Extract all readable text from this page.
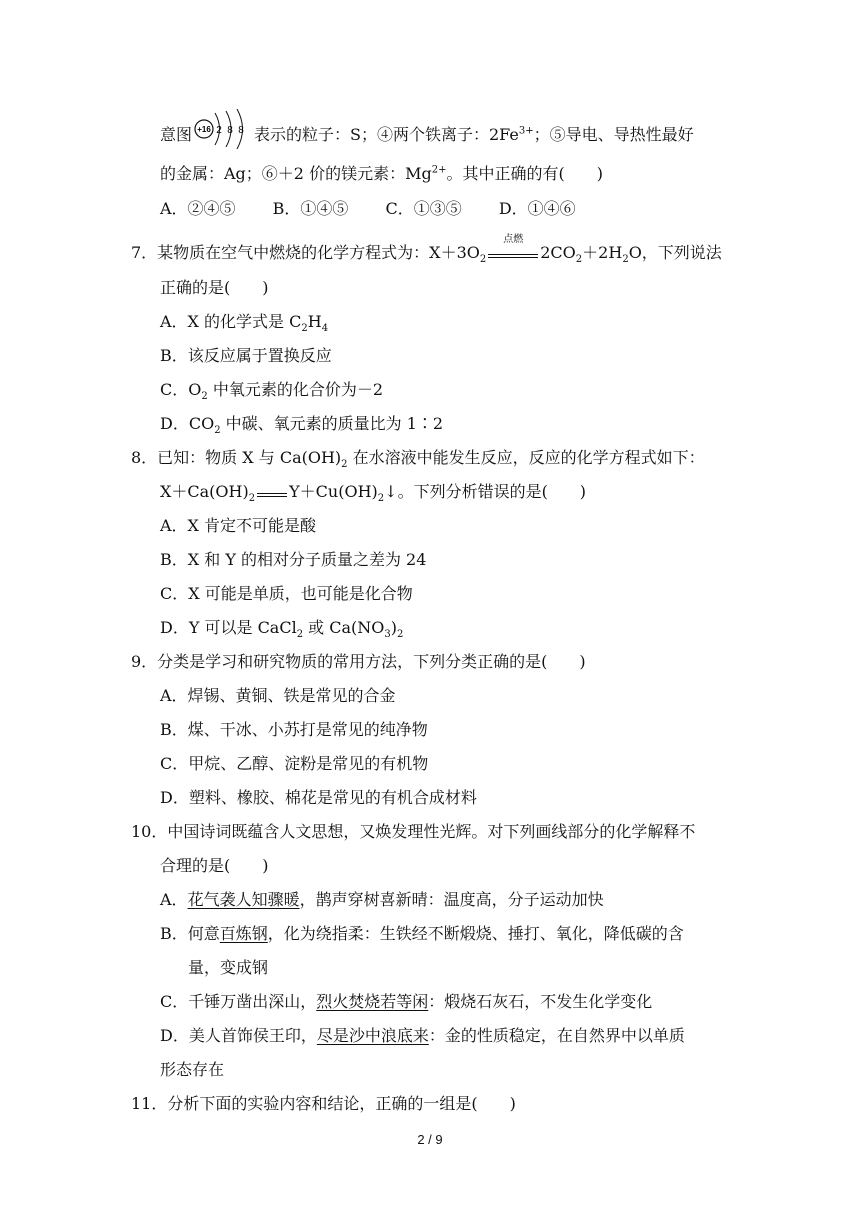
意图 +16 2 8 8 表示的粒子：S；④两个铁离子：$2Fe^{3+}$；⑤导电、导热性最好
的金属：Ag；⑥＋2 价的镁元素：$Mg^{2+}$。其中正确的有(　　)
A．②④⑤　　 B．①④⑤　　 C．①③⑤　　 D．①④⑥
7．某物质在空气中燃烧的化学方程式为：$X+3O_2$
点燃
$2CO_2+2H_2O$，下列说法
正确的是(　　)
A．X 的化学式是 $C_2H_4$
B．该反应属于置换反应
C．$O_2$ 中氧元素的化合价为－2
D．$CO_2$ 中碳、氧元素的质量比为 1∶2
8．已知：物质 X 与 $Ca(OH)_2$ 在水溶液中能发生反应，反应的化学方程式如下：
$X+Ca(OH)_2$ $Y+Cu(OH)_2↓$。下列分析错误的是(　　)
A．X 肯定不可能是酸
B．X 和 Y 的相对分子质量之差为 24
C．X 可能是单质，也可能是化合物
D．Y 可以是 CaCl$_2$ 或 $Ca(NO_3)_2$
9．分类是学习和研究物质的常用方法，下列分类正确的是(　　)
A．焊锡、黄铜、铁是常见的合金
B．煤、干冰、小苏打是常见的纯净物
C．甲烷、乙醇、淀粉是常见的有机物
D．塑料、橡胶、棉花是常见的有机合成材料
10．中国诗词既蕴含人文思想，又焕发理性光辉。对下列画线部分的化学解释不
合理的是(　　)
A．花气袭人知骤暖，鹊声穿树喜新晴：温度高，分子运动加快
B．何意百炼钢，化为绕指柔：生铁经不断煅烧、捶打、氧化，降低碳的含
量，变成钢
C．千锤万凿出深山，烈火焚烧若等闲：煅烧石灰石，不发生化学变化
D．美人首饰侯王印，尽是沙中浪底来：金的性质稳定，在自然界中以单质
形态存在
11．分析下面的实验内容和结论，正确的一组是(　　)
2 / 9
